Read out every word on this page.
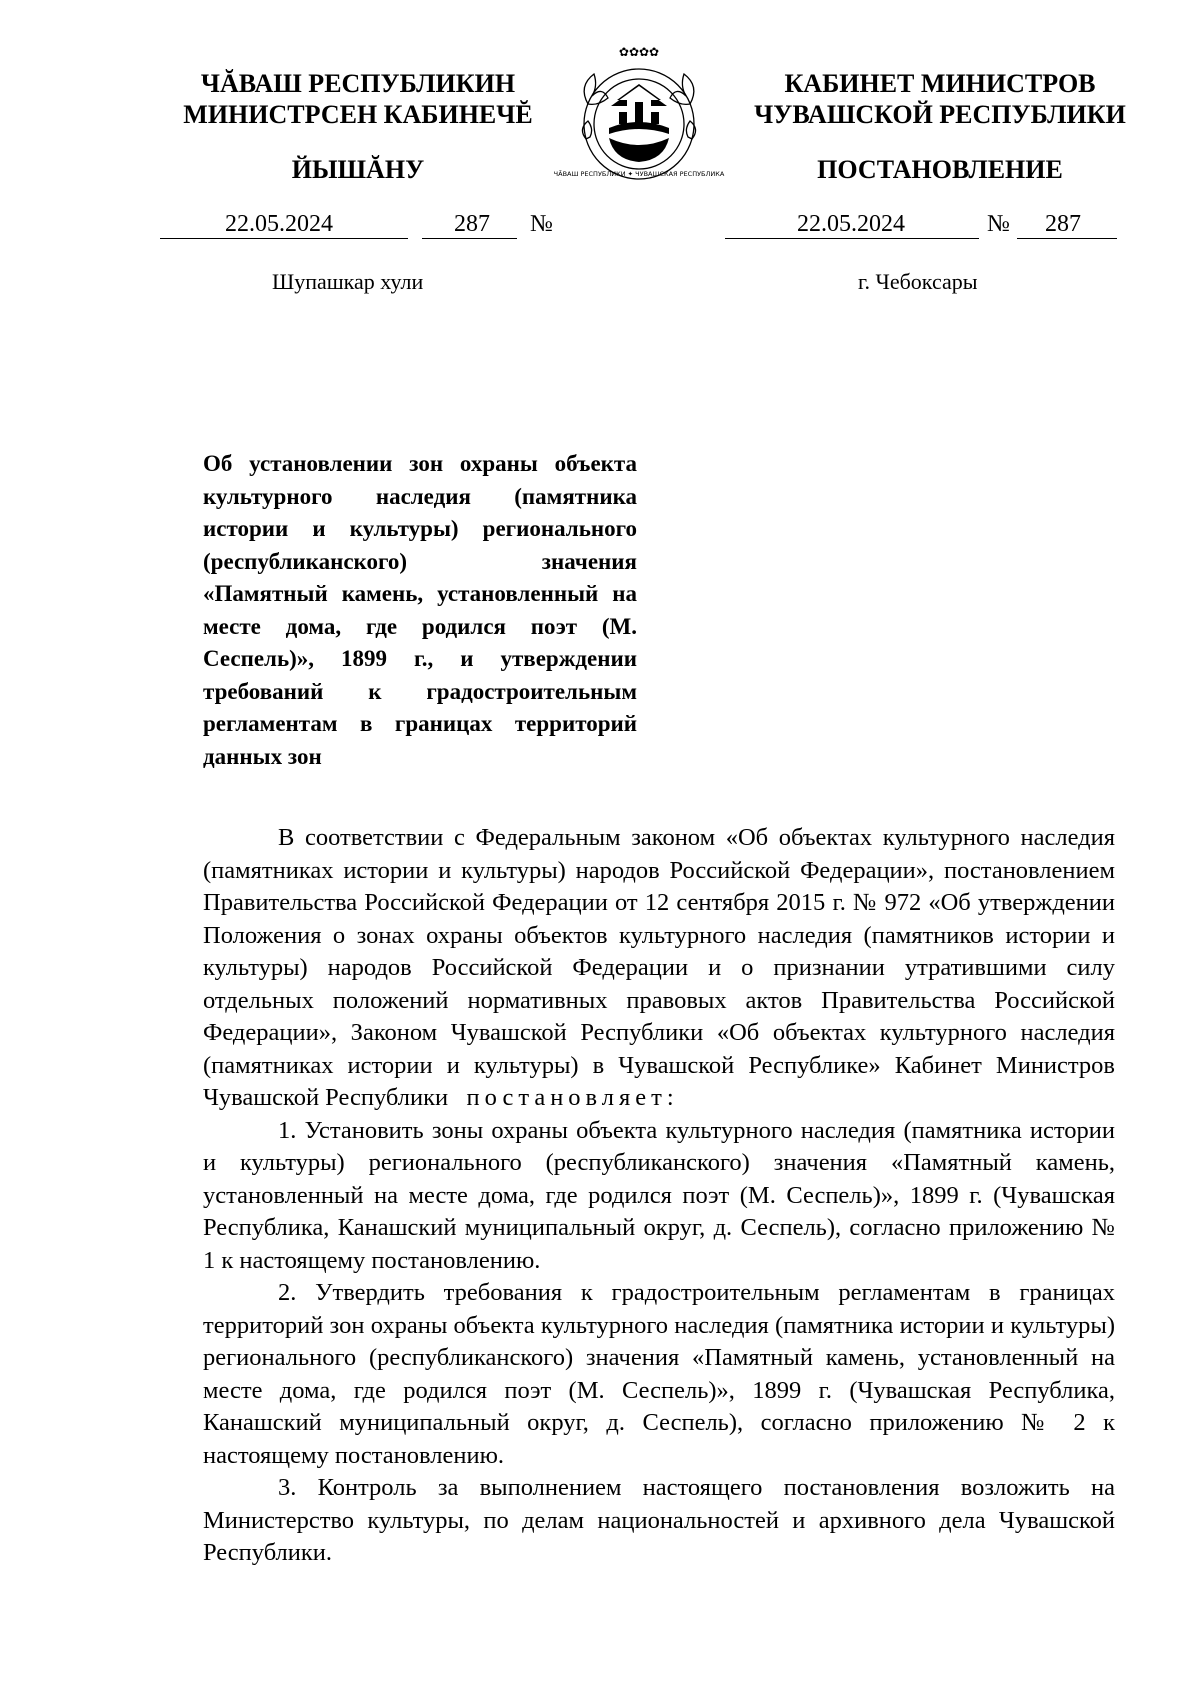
ЧĂВАШ РЕСПУБЛИКИН
МИНИСТРСЕН КАБИНЕЧĔ
ЙЫШĂНУ
✿✿✿✿
ЧĂВАШ РЕСПУБЛИКИ ✦ ЧУВАШСКАЯ РЕСПУБЛИКА
КАБИНЕТ МИНИСТРОВ
ЧУВАШСКОЙ РЕСПУБЛИКИ
ПОСТАНОВЛЕНИЕ
22.05.2024	287 №	22.05.2024	№ 287
Шупашкар хули	г. Чебоксары
Об установлении зон охраны объекта культурного наследия (памятника истории и культуры) регионального (республиканского) значения «Памятный камень, установленный на месте дома, где родился поэт (М. Сеспель)», 1899 г., и утверждении требований к градостроительным регламентам в границах территорий данных зон

В соответствии с Федеральным законом «Об объектах культурного наследия (памятниках истории и культуры) народов Российской Федерации», постановлением Правительства Российской Федерации от 12 сентября 2015 г. № 972 «Об утверждении Положения о зонах охраны объектов культурного наследия (памятников истории и культуры) народов Российской Федерации и о признании утратившими силу отдельных положений нормативных правовых актов Правительства Российской Федерации», Законом Чувашской Республики «Об объектах культурного наследия (памятниках истории и культуры) в Чувашской Республике» Кабинет Министров Чувашской Республики постановляет:

1. Установить зоны охраны объекта культурного наследия (памятника истории и культуры) регионального (республиканского) значения «Памятный камень, установленный на месте дома, где родился поэт (М. Сеспель)», 1899 г. (Чувашская Республика, Канашский муниципальный округ, д. Сеспель), согласно приложению № 1 к настоящему постановлению.

2. Утвердить требования к градостроительным регламентам в границах территорий зон охраны объекта культурного наследия (памятника истории и культуры) регионального (республиканского) значения «Памятный камень, установленный на месте дома, где родился поэт (М. Сеспель)», 1899 г. (Чувашская Республика, Канашский муниципальный округ, д. Сеспель), согласно приложению № 2 к настоящему постановлению.

3. Контроль за выполнением настоящего постановления возложить на Министерство культуры, по делам национальностей и архивного дела Чувашской Республики.
